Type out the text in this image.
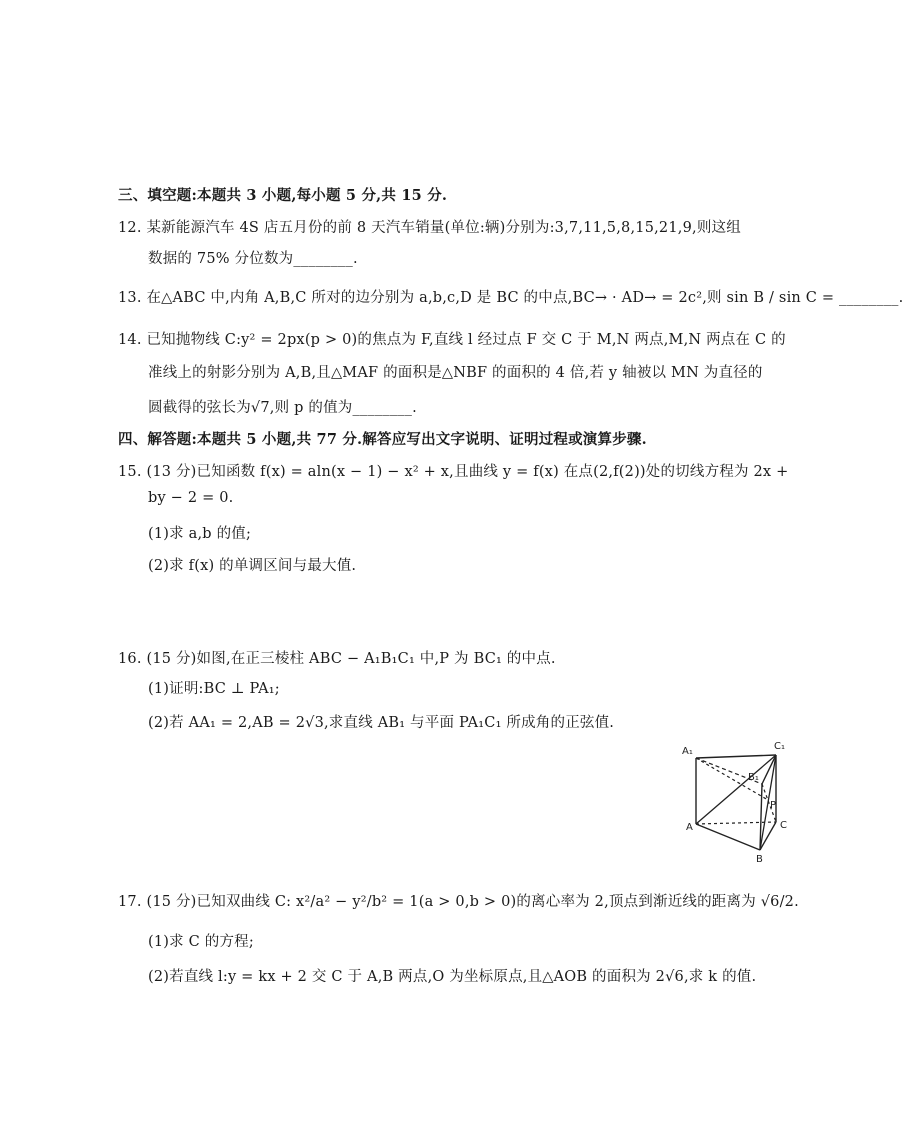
三、填空题:本题共 3 小题,每小题 5 分,共 15 分.
12. 某新能源汽车 4S 店五月份的前 8 天汽车销量(单位:辆)分别为:3,7,11,5,8,15,21,9,则这组
数据的 75% 分位数为________.
13. 在△ABC 中,内角 A,B,C 所对的边分别为 a,b,c,D 是 BC 的中点,BC→ · AD→ = 2c²,则 sin B / sin C = ________.
14. 已知抛物线 C:y² = 2px(p > 0)的焦点为 F,直线 l 经过点 F 交 C 于 M,N 两点,M,N 两点在 C 的
准线上的射影分别为 A,B,且△MAF 的面积是△NBF 的面积的 4 倍,若 y 轴被以 MN 为直径的
圆截得的弦长为√7,则 p 的值为________.
四、解答题:本题共 5 小题,共 77 分.解答应写出文字说明、证明过程或演算步骤.
15. (13 分)已知函数 f(x) = aln(x − 1) − x² + x,且曲线 y = f(x) 在点(2,f(2))处的切线方程为 2x +
by − 2 = 0.
(1)求 a,b 的值;
(2)求 f(x) 的单调区间与最大值.
16. (15 分)如图,在正三棱柱 ABC − A₁B₁C₁ 中,P 为 BC₁ 的中点.
(1)证明:BC ⊥ PA₁;
(2)若 AA₁ = 2,AB = 2√3,求直线 AB₁ 与平面 PA₁C₁ 所成角的正弦值.
A₁	C₁
B₁
P
A	C
B
17. (15 分)已知双曲线 C: x²/a² − y²/b² = 1(a > 0,b > 0)的离心率为 2,顶点到渐近线的距离为 √6/2.
(1)求 C 的方程;
(2)若直线 l:y = kx + 2 交 C 于 A,B 两点,O 为坐标原点,且△AOB 的面积为 2√6,求 k 的值.
